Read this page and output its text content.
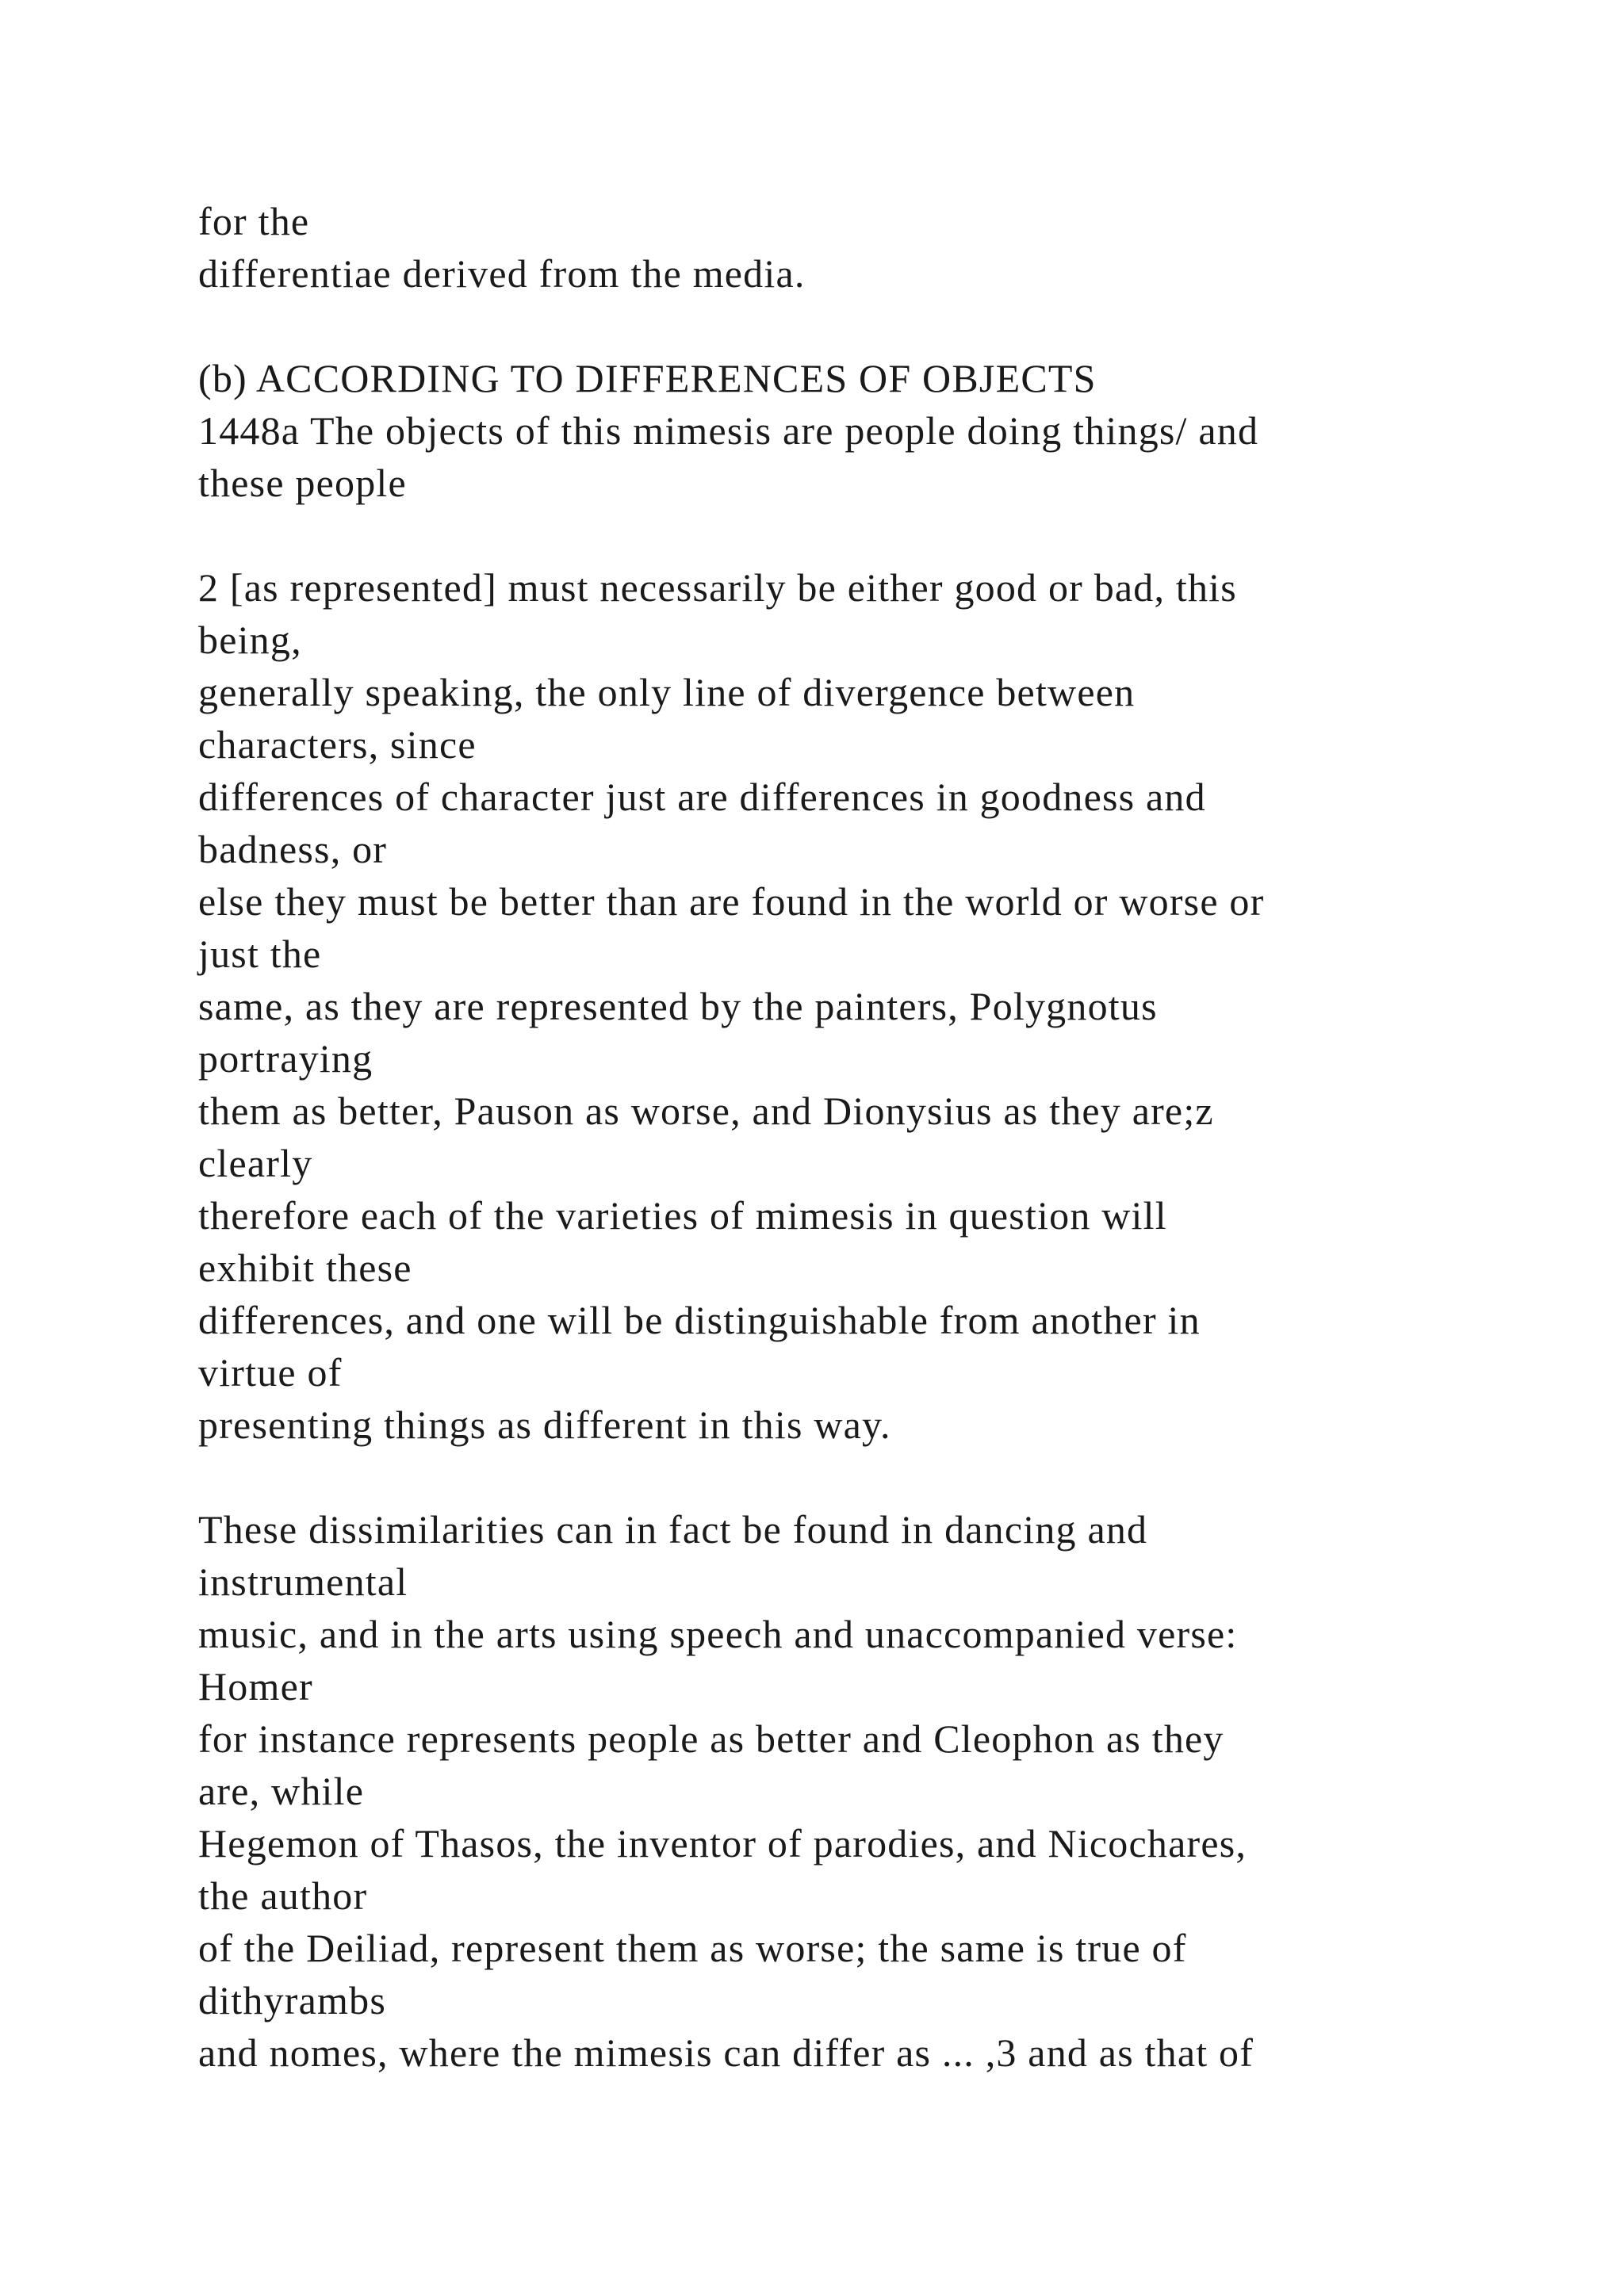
for the
differentiae derived from the media.
(b) ACCORDING TO DIFFERENCES OF OBJECTS
1448a The objects of this mimesis are people doing things/ and
these people
2 [as represented] must necessarily be either good or bad, this
being,
generally speaking, the only line of divergence between
characters, since
differences of character just are differences in goodness and
badness, or
else they must be better than are found in the world or worse or
just the
same, as they are represented by the painters, Polygnotus
portraying
them as better, Pauson as worse, and Dionysius as they are;z
clearly
therefore each of the varieties of mimesis in question will
exhibit these
differences, and one will be distinguishable from another in
virtue of
presenting things as different in this way.
These dissimilarities can in fact be found in dancing and
instrumental
music, and in the arts using speech and unaccompanied verse:
Homer
for instance represents people as better and Cleophon as they
are, while
Hegemon of Thasos, the inventor of parodies, and Nicochares,
the author
of the Deiliad, represent them as worse; the same is true of
dithyrambs
and nomes, where the mimesis can differ as ... ,3 and as that of
